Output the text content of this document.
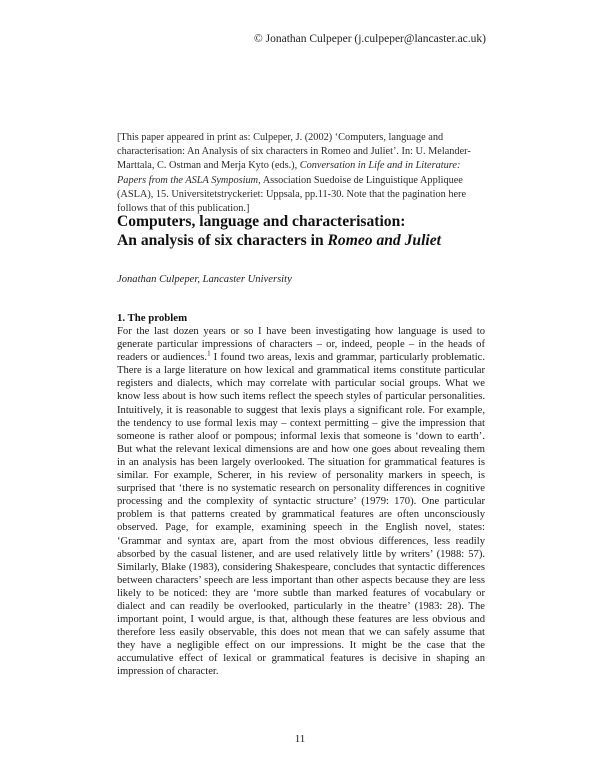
© Jonathan Culpeper (j.culpeper@lancaster.ac.uk)
[This paper appeared in print as: Culpeper, J. (2002) ‘Computers, language and characterisation: An Analysis of six characters in Romeo and Juliet’. In: U. Melander-Marttala, C. Ostman and Merja Kyto (eds.), Conversation in Life and in Literature: Papers from the ASLA Symposium, Association Suedoise de Linguistique Appliquee (ASLA), 15. Universitetstryckeriet: Uppsala, pp.11-30. Note that the pagination here follows that of this publication.]
Computers, language and characterisation:
An analysis of six characters in Romeo and Juliet
Jonathan Culpeper, Lancaster University
1. The problem
For the last dozen years or so I have been investigating how language is used to generate particular impressions of characters – or, indeed, people – in the heads of readers or audiences.$^1$ I found two areas, lexis and grammar, particularly problematic. There is a large literature on how lexical and grammatical items constitute particular registers and dialects, which may correlate with particular social groups. What we know less about is how such items reflect the speech styles of particular personalities. Intuitively, it is reasonable to suggest that lexis plays a significant role. For example, the tendency to use formal lexis may – context permitting – give the impression that someone is rather aloof or pompous; informal lexis that someone is ‘down to earth’. But what the relevant lexical dimensions are and how one goes about revealing them in an analysis has been largely overlooked. The situation for grammatical features is similar. For example, Scherer, in his review of personality markers in speech, is surprised that ‘there is no systematic research on personality differences in cognitive processing and the complexity of syntactic structure’ (1979: 170). One particular problem is that patterns created by grammatical features are often unconsciously observed. Page, for example, examining speech in the English novel, states: ‘Grammar and syntax are, apart from the most obvious differences, less readily absorbed by the casual listener, and are used relatively little by writers’ (1988: 57). Similarly, Blake (1983), considering Shakespeare, concludes that syntactic differences between characters’ speech are less important than other aspects because they are less likely to be noticed: they are ‘more subtle than marked features of vocabulary or dialect and can readily be overlooked, particularly in the theatre’ (1983: 28). The important point, I would argue, is that, although these features are less obvious and therefore less easily observable, this does not mean that we can safely assume that they have a negligible effect on our impressions. It might be the case that the accumulative effect of lexical or grammatical features is decisive in shaping an impression of character.
11
